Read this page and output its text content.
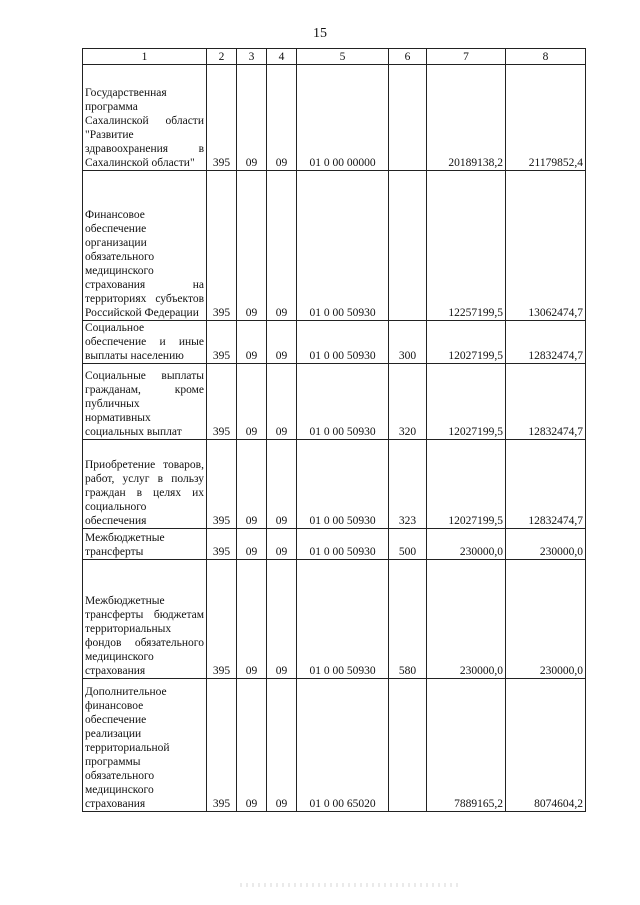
15
1	2	3	4	5	6	7	8
Государственная программа Сахалинской области "Развитие здравоохранения в Сахалинской области"	395	09	09	01 0 00 00000		20189138,2	21179852,4
Финансовое обеспечение организации обязательного медицинского страхования на территориях субъектов Российской Федерации	395	09	09	01 0 00 50930		12257199,5	13062474,7
Социальное обеспечение и иные выплаты населению	395	09	09	01 0 00 50930	300	12027199,5	12832474,7
Социальные выплаты гражданам, кроме публичных нормативных социальных выплат	395	09	09	01 0 00 50930	320	12027199,5	12832474,7
Приобретение товаров, работ, услуг в пользу граждан в целях их социального обеспечения	395	09	09	01 0 00 50930	323	12027199,5	12832474,7
Межбюджетные трансферты	395	09	09	01 0 00 50930	500	230000,0	230000,0
Межбюджетные трансферты бюджетам территориальных фондов обязательного медицинского страхования	395	09	09	01 0 00 50930	580	230000,0	230000,0
Дополнительное финансовое обеспечение реализации территориальной программы обязательного медицинского страхования	395	09	09	01 0 00 65020		7889165,2	8074604,2
